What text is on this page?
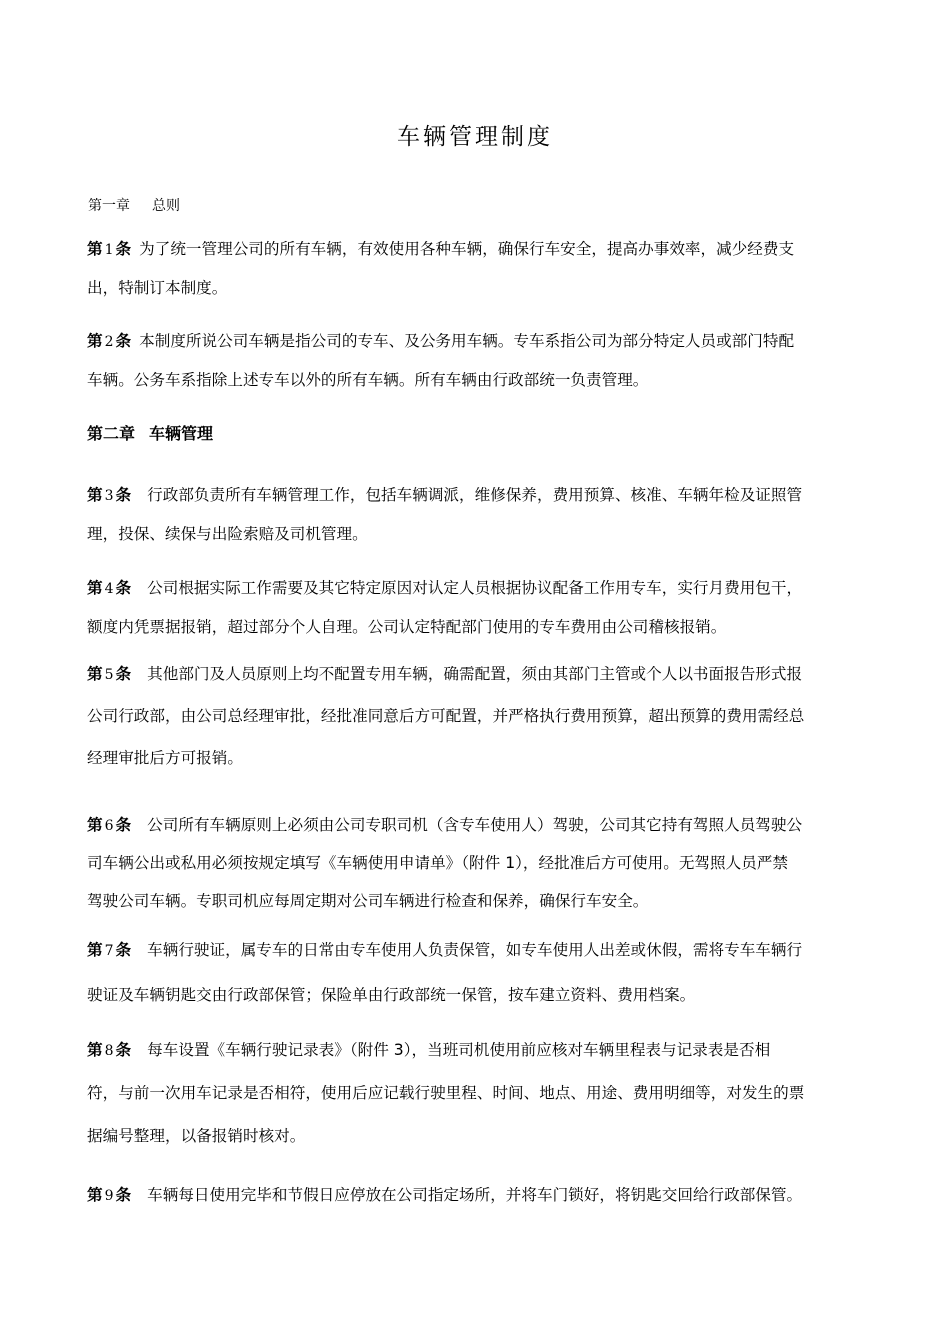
车辆管理制度
第一章 总则
第二章 车辆管理
第 1 条 为了统一管理公司的所有车辆，有效使用各种车辆，确保行车安全，提高办事效率，减少经费支
出，特制订本制度。
第 2 条 本制度所说公司车辆是指公司的专车、及公务用车辆。专车系指公司为部分特定人员或部门特配
车辆。公务车系指除上述专车以外的所有车辆。所有车辆由行政部统一负责管理。
第 3 条 行政部负责所有车辆管理工作，包括车辆调派，维修保养，费用预算、核准、车辆年检及证照管
理，投保、续保与出险索赔及司机管理。
第 4 条 公司根据实际工作需要及其它特定原因对认定人员根据协议配备工作用专车，实行月费用包干，
额度内凭票据报销，超过部分个人自理。公司认定特配部门使用的专车费用由公司稽核报销。
第 5 条 其他部门及人员原则上均不配置专用车辆，确需配置，须由其部门主管或个人以书面报告形式报
公司行政部，由公司总经理审批，经批准同意后方可配置，并严格执行费用预算，超出预算的费用需经总
经理审批后方可报销。
第 6 条 公司所有车辆原则上必须由公司专职司机（含专车使用人）驾驶，公司其它持有驾照人员驾驶公
司车辆公出或私用必须按规定填写《车辆使用申请单》（附件 1），经批准后方可使用。无驾照人员严禁
驾驶公司车辆。专职司机应每周定期对公司车辆进行检查和保养，确保行车安全。
第 7 条 车辆行驶证，属专车的日常由专车使用人负责保管，如专车使用人出差或休假，需将专车车辆行
驶证及车辆钥匙交由行政部保管；保险单由行政部统一保管，按车建立资料、费用档案。
第 8 条 每车设置《车辆行驶记录表》（附件 3），当班司机使用前应核对车辆里程表与记录表是否相
符，与前一次用车记录是否相符，使用后应记载行驶里程、时间、地点、用途、费用明细等，对发生的票
据编号整理，以备报销时核对。
第 9 条 车辆每日使用完毕和节假日应停放在公司指定场所，并将车门锁好，将钥匙交回给行政部保管。
